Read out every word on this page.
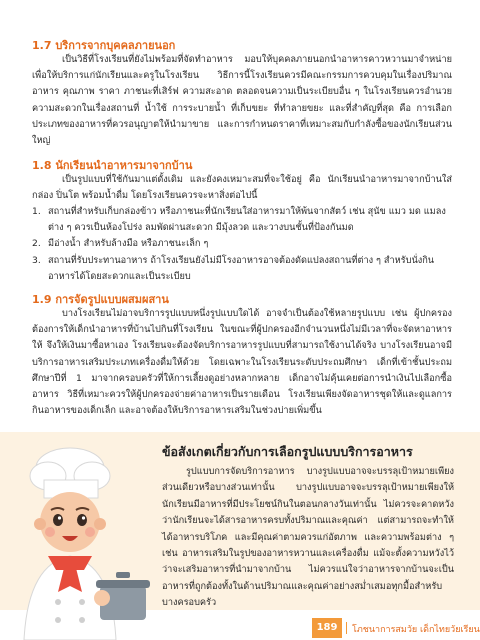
1.7 บริการจากบุคคลภายนอก
เป็นวิธีที่โรงเรียนที่ยังไม่พร้อมที่จัดทำอาหาร มอบให้บุคคลภายนอกนำอาหารคาวหวานมาจำหน่ายเพื่อให้บริการแก่นักเรียนและครูในโรงเรียน วิธีการนี้โรงเรียนควรมีคณะกรรมการควบคุมในเรื่องปริมาณอาหาร คุณภาพ ราคา ภาชนะที่เสิร์ฟ ความสะอาด ตลอดจนความเป็นระเบียบอื่น ๆ ในโรงเรียนควรอำนวยความสะดวกในเรื่องสถานที่ น้ำใช้ การระบายน้ำ ที่เก็บขยะ ที่ทำลายขยะ และที่สำคัญที่สุด คือ การเลือกประเภทของอาหารที่ควรอนุญาตให้นำมาขาย และการกำหนดราคาที่เหมาะสมกับกำลังซื้อของนักเรียนส่วนใหญ่
1.8 นักเรียนนำอาหารมาจากบ้าน
เป็นรูปแบบที่ใช้กันมาแต่ดั้งเดิม และยังคงเหมาะสมที่จะใช้อยู่ คือ นักเรียนนำอาหารมาจากบ้านใส่กล่อง ปิ่นโต พร้อมน้ำดื่ม โดยโรงเรียนควรจะหาสิ่งต่อไปนี้
1. สถานที่สำหรับเก็บกล่องข้าว หรือภาชนะที่นักเรียนใส่อาหารมาให้พ้นจากสัตว์ เช่น สุนัข แมว มด แมลงต่าง ๆ ควรเป็นห้องโปร่ง ลมพัดผ่านสะดวก มีมุ้งลวด และวางบนชั้นที่ป้องกันมด
2. มีอ่างน้ำ สำหรับล้างมือ หรือภาชนะเล็ก ๆ
3. สถานที่รับประทานอาหาร ถ้าโรงเรียนยังไม่มีโรงอาหารอาจต้องดัดแปลงสถานที่ต่าง ๆ สำหรับนั่งกินอาหารได้โดยสะดวกและเป็นระเบียบ
1.9 การจัดรูปแบบผสมผสาน
บางโรงเรียนไม่อาจบริการรูปแบบหนึ่งรูปแบบใดได้ อาจจำเป็นต้องใช้หลายรูปแบบ เช่น ผู้ปกครองต้องการให้เด็กนำอาหารที่บ้านไปกินที่โรงเรียน ในขณะที่ผู้ปกครองอีกจำนวนหนึ่งไม่มีเวลาที่จะจัดหาอาหารให้ จึงให้เงินมาซื้อหาเอง โรงเรียนจะต้องจัดบริการอาหารรูปแบบที่สามารถใช้งานได้จริง บางโรงเรียนอาจมีบริการอาหารเสริมประเภทเครื่องดื่มให้ด้วย โดยเฉพาะในโรงเรียนระดับประถมศึกษา เด็กที่เข้าชั้นประถมศึกษาปีที่ 1 มาจากครอบครัวที่ให้การเลี้ยงดูอย่างหลากหลาย เด็กอาจไม่คุ้นเคยต่อการนำเงินไปเลือกซื้ออาหาร วิธีที่เหมาะควรให้ผู้ปกครองจ่ายค่าอาหารเป็นรายเดือน โรงเรียนเพียงจัดอาหารชุดให้และดูแลการกินอาหารของเด็กเล็ก และอาจต้องให้บริการอาหารเสริมในช่วงบ่ายเพิ่มขึ้น
ข้อสังเกตเกี่ยวกับการเลือกรูปแบบบริการอาหาร
รูปแบบการจัดบริการอาหาร บางรูปแบบอาจจะบรรลุเป้าหมายเพียงส่วนเดียวหรือบางส่วนเท่านั้น บางรูปแบบอาจจะบรรลุเป้าหมายเพียงให้นักเรียนมีอาหารที่มีประโยชน์กินในตอนกลางวันเท่านั้น ไม่ควรจะคาดหวังว่านักเรียนจะได้สารอาหารครบทั้งปริมาณและคุณค่า แต่สามารถจะทำให้ได้อาหารบริโภค และมีคุณค่าตามควรแก่อัตภาพ และความพร้อมต่าง ๆ เช่น อาหารเสริมในรูปของอาหารหวานและเครื่องดื่ม แม้จะตั้งความหวังไว้ว่าจะเสริมอาหารที่นำมาจากบ้าน ไม่ควรแน่ใจว่าอาหารจากบ้านจะเป็นอาหารที่ถูกต้องทั้งในด้านปริมาณและคุณค่าอย่างสม่ำเสมอทุกมื้อสำหรับบางครอบครัว
189	โภชนาการสมวัย เด็กไทยวัยเรียน
